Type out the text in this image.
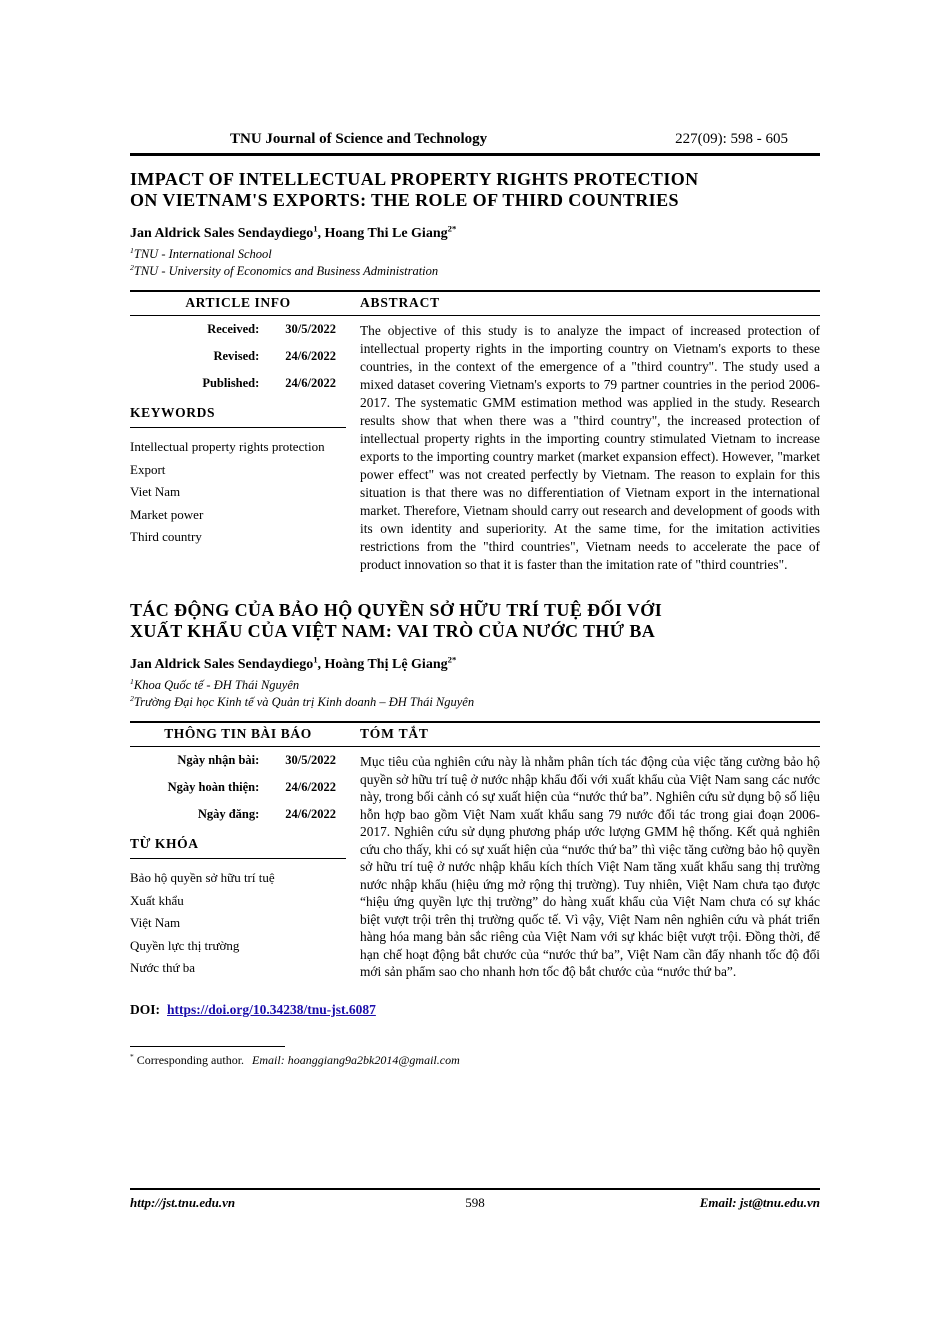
TNU Journal of Science and Technology	227(09): 598 - 605
IMPACT OF INTELLECTUAL PROPERTY RIGHTS PROTECTION
ON VIETNAM'S EXPORTS: THE ROLE OF THIRD COUNTRIES

Jan Aldrick Sales Sendaydiego$^1$, Hoang Thi Le Giang$^{2*}$

$^1$TNU - International School

$^2$TNU - University of Economics and Business Administration

ARTICLE INFO	ABSTRACT
Received: 30/5/2022
Revised: 24/6/2022
Published: 24/6/2022
KEYWORDS

Intellectual property rights protection

Export

Viet Nam

Market power

Third country

The objective of this study is to analyze the impact of increased protection of intellectual property rights in the importing country on Vietnam's exports to these countries, in the context of the emergence of a "third country". The study used a mixed dataset covering Vietnam's exports to 79 partner countries in the period 2006-2017. The systematic GMM estimation method was applied in the study. Research results show that when there was a "third country", the increased protection of intellectual property rights in the importing country stimulated Vietnam to increase exports to the importing country market (market expansion effect). However, "market power effect" was not created perfectly by Vietnam. The reason to explain for this situation is that there was no differentiation of Vietnam export in the international market. Therefore, Vietnam should carry out research and development of goods with its own identity and superiority. At the same time, for the imitation activities restrictions from the "third countries", Vietnam needs to accelerate the pace of product innovation so that it is faster than the imitation rate of "third countries".

TÁC ĐỘNG CỦA BẢO HỘ QUYỀN SỞ HỮU TRÍ TUỆ ĐỐI VỚI
XUẤT KHẨU CỦA VIỆT NAM: VAI TRÒ CỦA NƯỚC THỨ BA

Jan Aldrick Sales Sendaydiego$^1$, Hoàng Thị Lệ Giang$^{2*}$

$^1$Khoa Quốc tế - ĐH Thái Nguyên

$^2$Trường Đại học Kinh tế và Quản trị Kinh doanh – ĐH Thái Nguyên

THÔNG TIN BÀI BÁO	TÓM TẮT
Ngày nhận bài: 30/5/2022
Ngày hoàn thiện: 24/6/2022
Ngày đăng: 24/6/2022
TỪ KHÓA

Bảo hộ quyền sở hữu trí tuệ

Xuất khẩu

Việt Nam

Quyền lực thị trường

Nước thứ ba

Mục tiêu của nghiên cứu này là nhằm phân tích tác động của việc tăng cường bảo hộ quyền sở hữu trí tuệ ở nước nhập khẩu đối với xuất khẩu của Việt Nam sang các nước này, trong bối cảnh có sự xuất hiện của “nước thứ ba”. Nghiên cứu sử dụng bộ số liệu hỗn hợp bao gồm Việt Nam xuất khẩu sang 79 nước đối tác trong giai đoạn 2006-2017. Nghiên cứu sử dụng phương pháp ước lượng GMM hệ thống. Kết quả nghiên cứu cho thấy, khi có sự xuất hiện của “nước thứ ba” thì việc tăng cường bảo hộ quyền sở hữu trí tuệ ở nước nhập khẩu kích thích Việt Nam tăng xuất khẩu sang thị trường nước nhập khẩu (hiệu ứng mở rộng thị trường). Tuy nhiên, Việt Nam chưa tạo được “hiệu ứng quyền lực thị trường” do hàng xuất khẩu của Việt Nam chưa có sự khác biệt vượt trội trên thị trường quốc tế. Vì vậy, Việt Nam nên nghiên cứu và phát triển hàng hóa mang bản sắc riêng của Việt Nam với sự khác biệt vượt trội. Đồng thời, để hạn chế hoạt động bắt chước của “nước thứ ba”, Việt Nam cần đẩy nhanh tốc độ đổi mới sản phẩm sao cho nhanh hơn tốc độ bắt chước của “nước thứ ba”.

DOI: https://doi.org/10.34238/tnu-jst.6087

* Corresponding author. Email: hoanggiang9a2bk2014@gmail.com

http://jst.tnu.edu.vn	598	Email: jst@tnu.edu.vn
